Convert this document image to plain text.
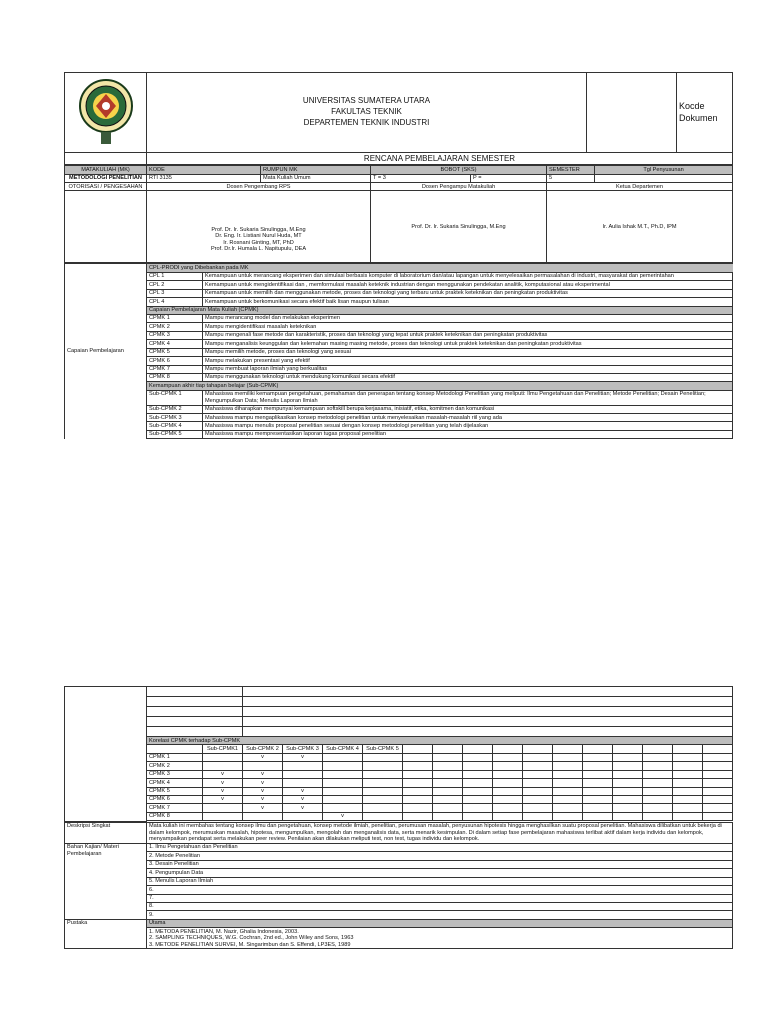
UNIVERSITAS SUMATERA UTARA
FAKULTAS TEKNIK
DEPARTEMEN TEKNIK INDUSTRI		Kocde Dokumen
	RENCANA PEMBELAJARAN SEMESTER		
MATAKULIAH (MK)	KODE	RUMPUN MK	BOBOT (SKS)		SEMESTER	Tgl Penyusunan
METODOLOGI PENELITIAN	RTI 3135	Mata Kuliah Umum	T = 3	P =	5	
OTORISASI / PENGESAHAN	Dosen Pengembang RPS		Dosen Pengampu Matakuliah		Ketua Departemen	

	Prof. Dr. Ir. Sukaria Sinulingga, M.Eng
Dr. Eng. Ir. Listiani Nurul Huda, MT
Ir. Rosnani Ginting, MT, PhD
Prof. Dr.Ir. Humala L. Napitupulu, DEA		Prof. Dr. Ir. Sukaria Sinulingga, M.Eng		Ir. Aulia Ishak M.T., Ph.D, IPM	
Capaian Pembelajaran	CPL-PRODI yang Dibebankan pada MK	
	CPL 1	Kemampuan untuk merancang eksperimen dan simulasi berbasis komputer di laboratorium dan/atau lapangan untuk menyelesaikan permasalahan di industri, masyarakat dan pemerintahan
	CPL 2	Kemampuan untuk mengidentifikasi dan , memformulasi masalah keteknik industrian dengan menggunakan pendekatan analitik, komputasional atau eksperimental
	CPL 3	Kemampuan untuk memilih dan menggunakan metode, proses dan teknologi yang terbaru untuk praktek keteknikan dan peningkatan produktivitas
	CPL 4	Kemampuan untuk berkomunikasi secara efektif baik lisan maupun tulisan
	Capaian Pembelajaran Mata Kuliah (CPMK)	
	CPMK 1	Mampu merancang model dan melakukan eksperimen
	CPMK 2	Mampu mengidentifikasi masalah keteknikan
	CPMK 3	Mampu mengenali fase metode dan karakteristik, proses dan teknologi yang tepat untuk praktek keteknikan dan peningkatan produktivitas
	CPMK 4	Mampu menganalisis keunggulan dan kelemahan masing masing metode, proses dan teknologi untuk praktek keteknikan dan peningkatan produktivitas
	CPMK 5	Mampu memilih metode, proses dan teknologi yang sesuai
	CPMK 6	Mampu melakukan presentasi yang efektif
	CPMK 7	Mampu membuat laporan ilmiah yang berkualitas
	CPMK 8	Mampu menggunakan teknologi untuk mendukung komunikasi secara efektif
	Kemampuan akhir tiap tahapan belajar (Sub-CPMK)	
	Sub-CPMK 1	Mahasiswa memiliki kemampuan pengetahuan, pemahaman dan penerapan tentang konsep Metodologi Penelitian yang meliputi: Ilmu Pengetahuan dan Penelitian; Metode Penelitian; Desain Penelitian; Mengumpulkan Data; Menulis Laporan Ilmiah
	Sub-CPMK 2	Mahasiswa diharapkan mempunyai kemampuan softskill berupa kerjasama, inisiatif, etika, komitmen dan komunikasi
	Sub-CPMK 3	Mahasiswa mampu mengaplikasikan konsep metodologi penelitian untuk menyelesaikan masalah-masalah riil yang ada
	Sub-CPMK 4	Mahasiswa mampu menulis proposal penelitian sesuai dengan konsep metodologi penelitian yang telah dijelaskan
	Sub-CPMK 5	Mahasiswa mampu mempresentasikan laporan tugas proposal penelitian

	Korelasi CPMK terhadap Sub-CPMK																
		Sub-CPMK1	Sub-CPMK 2	Sub-CPMK 3	Sub-CPMK 4	Sub-CPMK 5											
	CPMK 1		v	v													
	CPMK 2																
	CPMK 3	v	v														
	CPMK 4	v	v														
	CPMK 5	v	v	v													
	CPMK 6	v	v	v													
	CPMK 7		v	v													
	CPMK 8				v												

Deskripsi Singkat	Mata kuliah ini membahas tentang konsep ilmu dan pengetahuan, konsep metode ilmiah, penelitian, perumusan masalah, penyusunan hipotesis hingga menghasilkan suatu proposal penelitian. Mahasiswa dilibatkan untuk bekerja di dalam kelompok, merumuskan masalah, hipotesa, mengumpulkan, mengolah dan menganalisis data, serta menarik kesimpulan. Di dalam setiap fase pembelajaran mahasiswa terlibat aktif dalam kerja individu dan kelompok, menyampaikan pendapat serta melakukan peer review. Penilaian akan dilakukan meliputi test, non test, tugas individu dan kelompok.
Bahan Kajian/ Materi Pembelajaran	1. Ilmu Pengetahuan dan Penelitian
	2. Metode Penelitian
	3. Desain Penelitian
	4. Pengumpulan Data
	5. Menulis Laporan Ilmiah
	6.
	7.
	8.
	9.
Pustaka	Utama

	1. METODA PENELITIAN, M. Nazir, Ghalia Indonesia, 2003.
2. SAMPLING TECHNIQUES, W.G. Cochran, 2nd ed., John Wiley and Sons, 1963
3. METODE PENELITIAN SURVEI, M. Singarimbun dan S. Effendi, LP3ES, 1989
